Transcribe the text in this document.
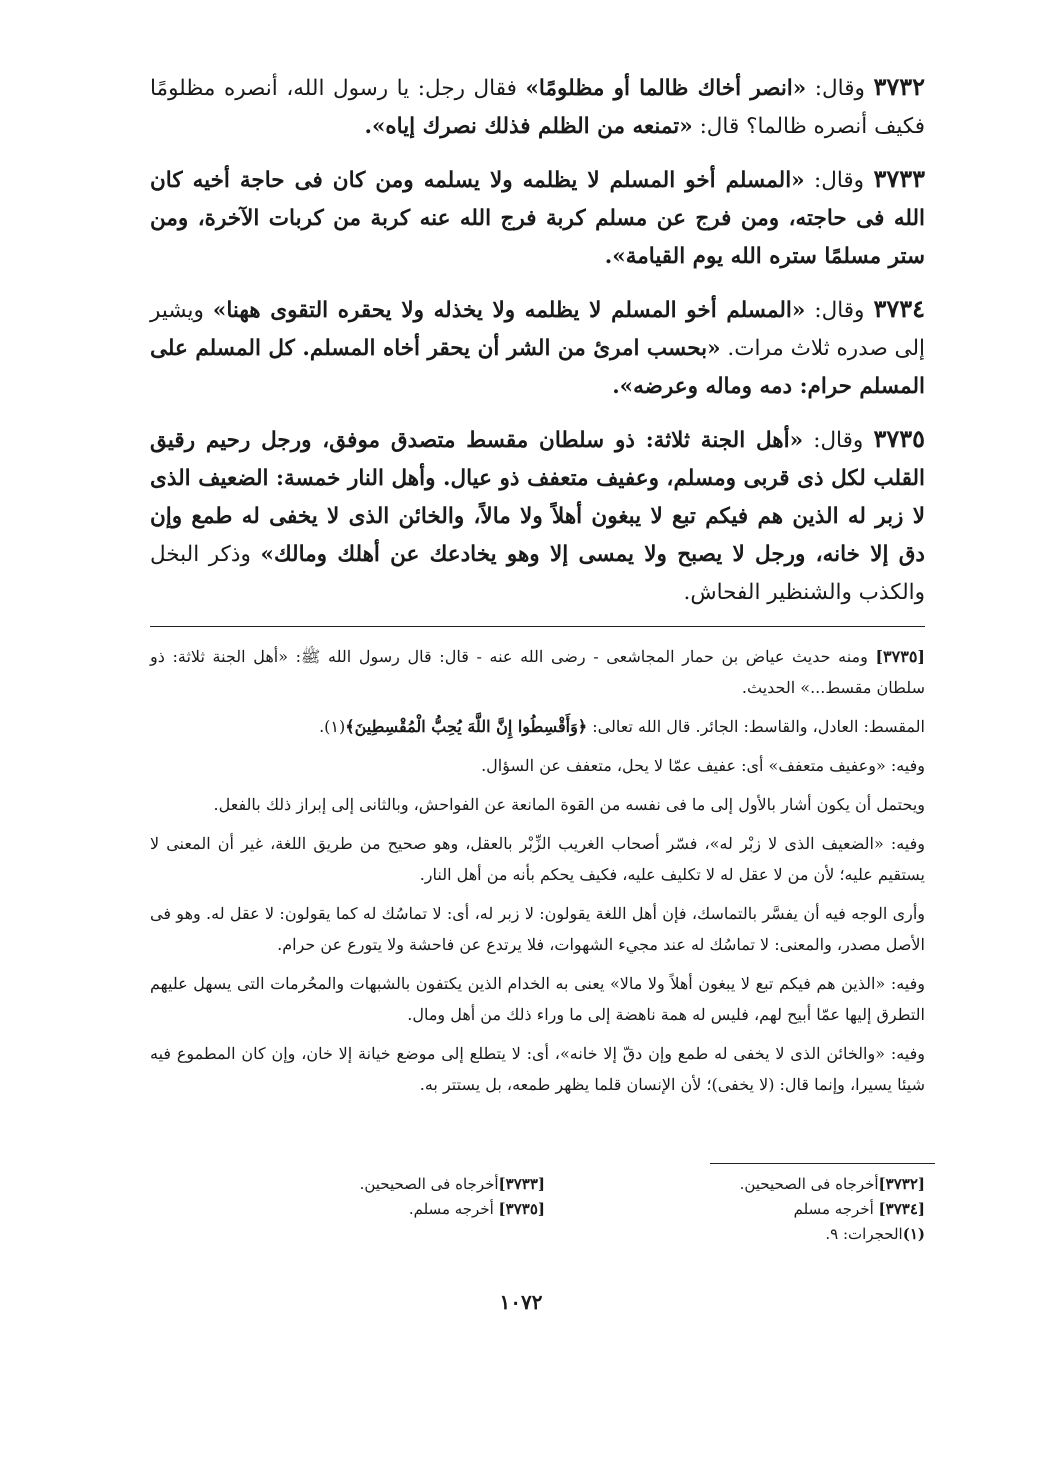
٣٧٣٢ وقال: «انصر أخاك ظالما أو مظلومًا» فقال رجل: يا رسول الله، أنصره مظلومًا فكيف أنصره ظالما؟ قال: «تمنعه من الظلم فذلك نصرك إياه».

٣٧٣٣ وقال: «المسلم أخو المسلم لا يظلمه ولا يسلمه ومن كان فى حاجة أخيه كان الله فى حاجته، ومن فرج عن مسلم كربة فرج الله عنه كربة من كربات الآخرة، ومن ستر مسلمًا ستره الله يوم القيامة».

٣٧٣٤ وقال: «المسلم أخو المسلم لا يظلمه ولا يخذله ولا يحقره التقوى ههنا» ويشير إلى صدره ثلاث مرات. «بحسب امرئ من الشر أن يحقر أخاه المسلم. كل المسلم على المسلم حرام: دمه وماله وعرضه».

٣٧٣٥ وقال: «أهل الجنة ثلاثة: ذو سلطان مقسط متصدق موفق، ورجل رحيم رقيق القلب لكل ذى قربى ومسلم، وعفيف متعفف ذو عيال. وأهل النار خمسة: الضعيف الذى لا زبر له الذين هم فيكم تبع لا يبغون أهلاً ولا مالاً، والخائن الذى لا يخفى له طمع وإن دق إلا خانه، ورجل لا يصبح ولا يمسى إلا وهو يخادعك عن أهلك ومالك» وذكر البخل والكذب والشنظير الفحاش.

[٣٧٣٥] ومنه حديث عياض بن حمار المجاشعى - رضى الله عنه - قال: قال رسول الله ﷺ: «أهل الجنة ثلاثة: ذو سلطان مقسط...» الحديث.

المقسط: العادل، والقاسط: الجائر. قال الله تعالى: ﴿وَأَقْسِطُوا إِنَّ اللَّهَ يُحِبُّ الْمُقْسِطِينَ﴾(١).

وفيه: «وعفيف متعفف» أى: عفيف عمّا لا يحل، متعفف عن السؤال.

ويحتمل أن يكون أشار بالأول إلى ما فى نفسه من القوة المانعة عن الفواحش، وبالثانى إلى إبراز ذلك بالفعل.

وفيه: «الضعيف الذى لا زبْر له»، فسّر أصحاب الغريب الزِّبْر بالعقل، وهو صحيح من طريق اللغة، غير أن المعنى لا يستقيم عليه؛ لأن من لا عقل له لا تكليف عليه، فكيف يحكم بأنه من أهل النار.

وأرى الوجه فيه أن يفسَّر بالتماسك، فإن أهل اللغة يقولون: لا زبر له، أى: لا تماسُك له كما يقولون: لا عقل له. وهو فى الأصل مصدر، والمعنى: لا تماسُك له عند مجيء الشهوات، فلا يرتدع عن فاحشة ولا يتورع عن حرام.

وفيه: «الذين هم فيكم تبع لا يبغون أهلاً ولا مالا» يعنى به الخدام الذين يكتفون بالشبهات والمحُرمات التى يسهل عليهم التطرق إليها عمّا أبيح لهم، فليس له همة ناهضة إلى ما وراء ذلك من أهل ومال.

وفيه: «والخائن الذى لا يخفى له طمع وإن دقّ إلا خانه»، أى: لا يتطلع إلى موضع خيانة إلا خان، وإن كان المطموع فيه شيئا يسيرا، وإنما قال: (لا يخفى)؛ لأن الإنسان قلما يظهر طمعه، بل يستتر به.

[٣٧٣٢]أخرجاه فى الصحيحين.
[٣٧٣٤] أخرجه مسلم
(١)الحجرات: ٩.
[٣٧٣٣]أخرجاه فى الصحيحين.
[٣٧٣٥] أخرجه مسلم.
١٠٧٢
